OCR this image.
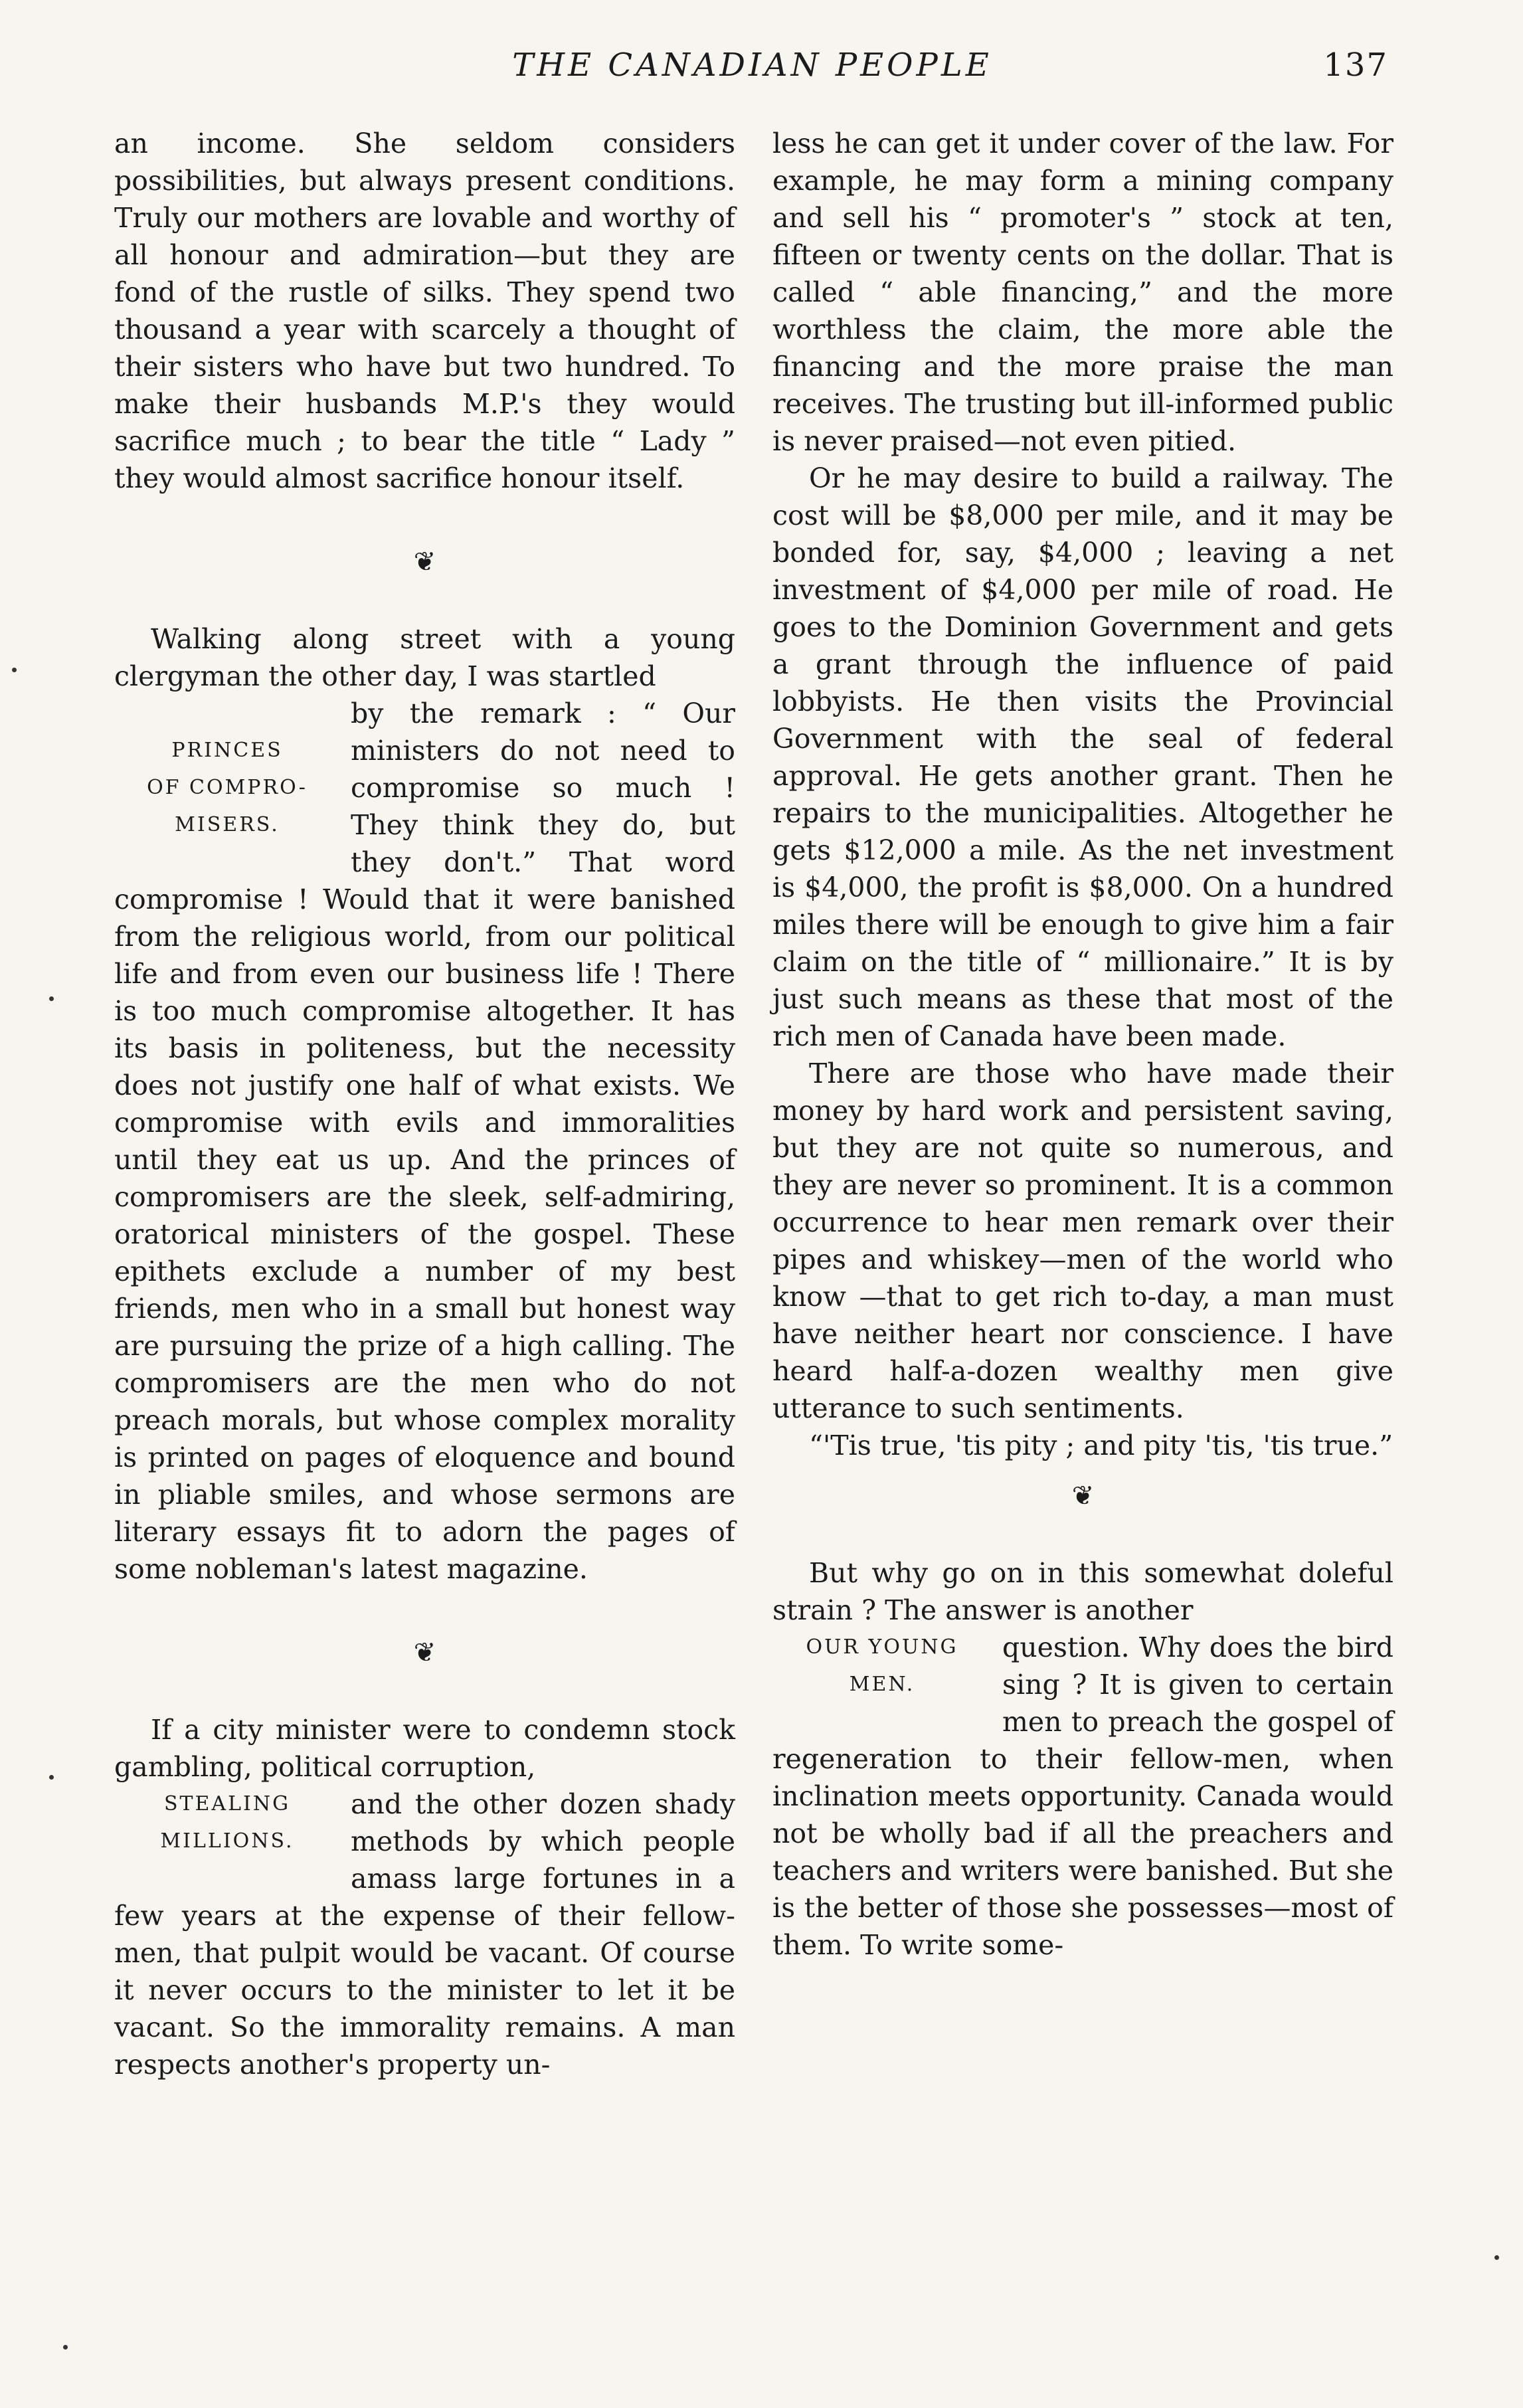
THE CANADIAN PEOPLE	137

an income. She seldom considers possibilities, but always present conditions. Truly our mothers are lovable and worthy of all honour and admiration—but they are fond of the rustle of silks. They spend two thousand a year with scarcely a thought of their sisters who have but two hundred. To make their husbands M.P.'s they would sacrifice much ; to bear the title “ Lady ” they would almost sacrifice honour itself.

❦

Walking along street with a young clergyman the other day, I was startled

PRINCES
OF COMPRO-
MISERS.

by the remark : “ Our ministers do not need to compromise so much ! They think they do, but they don't.” That word compromise ! Would that it were banished from the religious world, from our political life and from even our business life ! There is too much compromise altogether. It has its basis in politeness, but the necessity does not justify one half of what exists. We compromise with evils and immoralities until they eat us up. And the princes of compromisers are the sleek, self-admiring, oratorical ministers of the gospel. These epithets exclude a number of my best friends, men who in a small but honest way are pursuing the prize of a high calling. The compromisers are the men who do not preach morals, but whose complex morality is printed on pages of eloquence and bound in pliable smiles, and whose sermons are literary essays fit to adorn the pages of some nobleman's latest magazine.

❦

If a city minister were to condemn stock gambling, political corruption,

STEALING
MILLIONS.

and the other dozen shady methods by which people amass large fortunes in a few years at the expense of their fellow-men, that pulpit would be vacant. Of course it never occurs to the minister to let it be vacant. So the immorality remains. A man respects another's property un-

less he can get it under cover of the law. For example, he may form a mining company and sell his “ promoter's ” stock at ten, fifteen or twenty cents on the dollar. That is called “ able financing,” and the more worthless the claim, the more able the financing and the more praise the man receives. The trusting but ill-informed public is never praised—not even pitied.

Or he may desire to build a railway. The cost will be $8,000 per mile, and it may be bonded for, say, $4,000 ; leaving a net investment of $4,000 per mile of road. He goes to the Dominion Government and gets a grant through the influence of paid lobbyists. He then visits the Provincial Government with the seal of federal approval. He gets another grant. Then he repairs to the municipalities. Altogether he gets $12,000 a mile. As the net investment is $4,000, the profit is $8,000. On a hundred miles there will be enough to give him a fair claim on the title of “ millionaire.” It is by just such means as these that most of the rich men of Canada have been made.

There are those who have made their money by hard work and persistent saving, but they are not quite so numerous, and they are never so prominent. It is a common occurrence to hear men remark over their pipes and whiskey—men of the world who know —that to get rich to-day, a man must have neither heart nor conscience. I have heard half-a-dozen wealthy men give utterance to such sentiments.

“'Tis true, 'tis pity ; and pity 'tis, 'tis true.”

❦

But why go on in this somewhat doleful strain ? The answer is another

OUR YOUNG
MEN.

question. Why does the bird sing ? It is given to certain men to preach the gospel of regeneration to their fellow-men, when inclination meets opportunity. Canada would not be wholly bad if all the preachers and teachers and writers were banished. But she is the better of those she possesses—most of them. To write some-
